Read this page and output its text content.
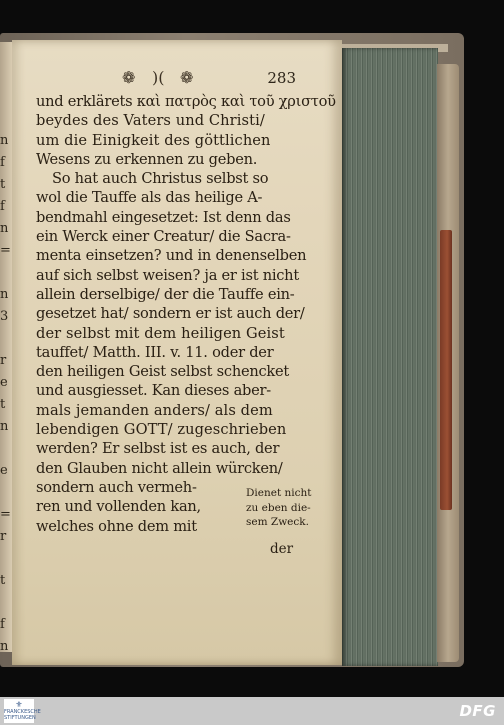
n
f
t
f
n
=

n
3

r
e
t
n

e

=
r

t

f
n
❁ )( ❁	283
und erklärets καὶ πατρὸς καὶ τοῦ χριστοῦ
beydes des Vaters und Christi/
um die Einigkeit des göttlichen
Wesens zu erkennen zu geben.
So hat auch Christus selbst so
wol die Tauffe als das heilige A-
bendmahl eingesetzet: Ist denn das
ein Werck einer Creatur/ die Sacra-
menta einsetzen? und in denenselben
auf sich selbst weisen? ja er ist nicht
allein derselbige/ der die Tauffe ein-
gesetzet hat/ sondern er ist auch der/
der selbst mit dem heiligen Geist
tauffet/ Matth. III. v. 11. oder der
den heiligen Geist selbst schencket
und ausgiesset. Kan dieses aber-
mals jemanden anders/ als dem
lebendigen GOTT/ zugeschrieben
werden? Er selbst ist es auch, der
den Glauben nicht allein würcken/
sondern auch vermeh-
ren und vollenden kan,
welches ohne dem mit
Dienet nicht
zu eben die-
sem Zweck.
der
⚜
FRANCKESCHE
STIFTUNGEN	DFG
